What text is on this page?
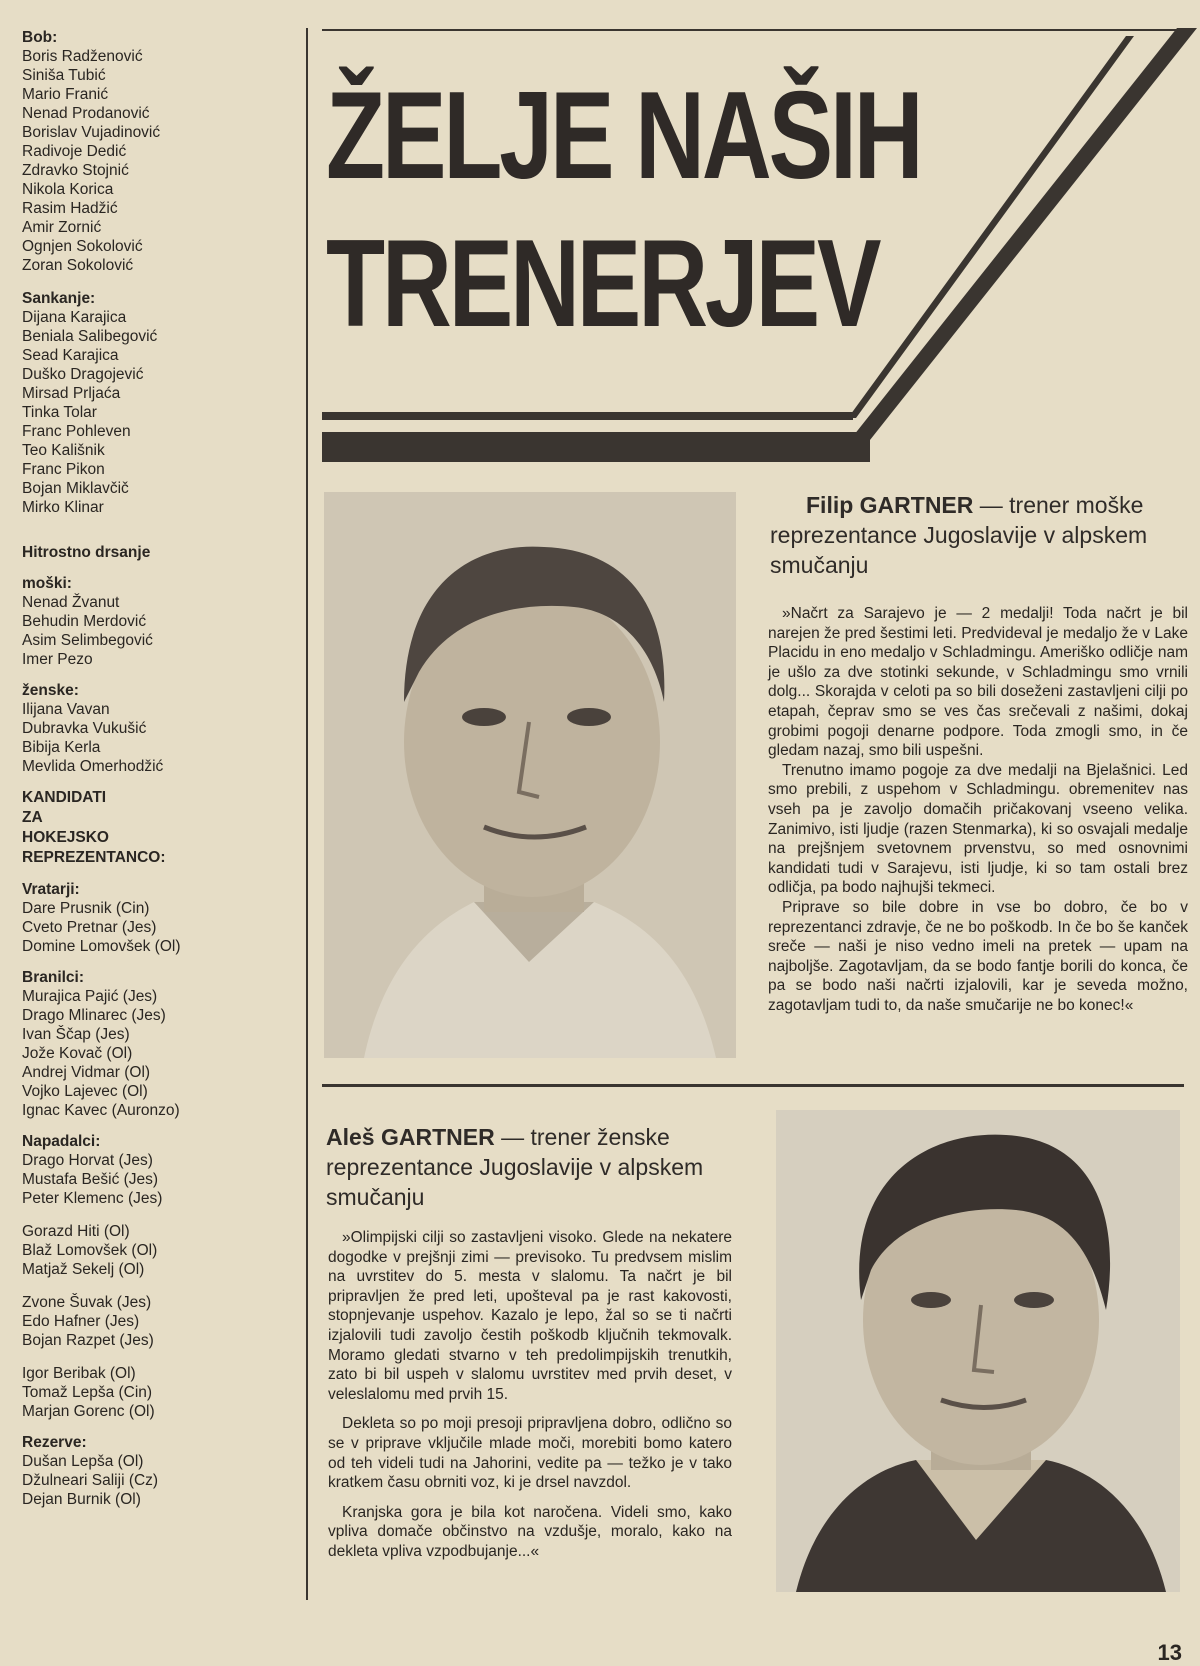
Bob:
Boris Radženović
Siniša Tubić
Mario Franić
Nenad Prodanović
Borislav Vujadinović
Radivoje Dedić
Zdravko Stojnić
Nikola Korica
Rasim Hadžić
Amir Zornić
Ognjen Sokolović
Zoran Sokolović
Sankanje:
Dijana Karajica
Beniala Salibegović
Sead Karajica
Duško Dragojević
Mirsad Prljaća
Tinka Tolar
Franc Pohleven
Teo Kališnik
Franc Pikon
Bojan Miklavčič
Mirko Klinar
Hitrostno drsanje
moški:
Nenad Žvanut
Behudin Merdović
Asim Selimbegović
Imer Pezo
ženske:
Ilijana Vavan
Dubravka Vukušić
Bibija Kerla
Mevlida Omerhodžić
KANDIDATI
ZA
HOKEJSKO
REPREZENTANCO:
Vratarji:
Dare Prusnik (Cin)
Cveto Pretnar (Jes)
Domine Lomovšek (Ol)
Branilci:
Murajica Pajić (Jes)
Drago Mlinarec (Jes)
Ivan Ščap (Jes)
Jože Kovač (Ol)
Andrej Vidmar (Ol)
Vojko Lajevec (Ol)
Ignac Kavec (Auronzo)
Napadalci:
Drago Horvat (Jes)
Mustafa Bešić (Jes)
Peter Klemenc (Jes)
Gorazd Hiti (Ol)
Blaž Lomovšek (Ol)
Matjaž Sekelj (Ol)
Zvone Šuvak (Jes)
Edo Hafner (Jes)
Bojan Razpet (Jes)
Igor Beribak (Ol)
Tomaž Lepša (Cin)
Marjan Gorenc (Ol)
Rezerve:
Dušan Lepša (Ol)
Džulneari Saliji (Cz)
Dejan Burnik (Ol)
ŽELJE NAŠIH
TRENERJEV
Filip GARTNER — trener moške reprezentance Jugoslavije v alpskem smučanju

»Načrt za Sarajevo je — 2 medalji! Toda načrt je bil narejen že pred šestimi leti. Predvideval je medaljo že v Lake Placidu in eno medaljo v Schladmingu. Ameriško odličje nam je ušlo za dve stotinki sekunde, v Schladmingu smo vrnili dolg... Skorajda v celoti pa so bili doseženi zastavljeni cilji po etapah, čeprav smo se ves čas srečevali z našimi, dokaj grobimi pogoji denarne podpore. Toda zmogli smo, in če gledam nazaj, smo bili uspešni.

Trenutno imamo pogoje za dve medalji na Bjelašnici. Led smo prebili, z uspehom v Schladmingu. obremenitev nas vseh pa je zavoljo domačih pričakovanj vseeno velika. Zanimivo, isti ljudje (razen Stenmarka), ki so osvajali medalje na prejšnjem svetovnem prvenstvu, so med osnovnimi kandidati tudi v Sarajevu, isti ljudje, ki so tam ostali brez odličja, pa bodo najhujši tekmeci.

Priprave so bile dobre in vse bo dobro, če bo v reprezentanci zdravje, če ne bo poškodb. In če bo še kanček sreče — naši je niso vedno imeli na pretek — upam na najboljše. Zagotavljam, da se bodo fantje borili do konca, če pa se bodo naši načrti izjalovili, kar je seveda možno, zagotavljam tudi to, da naše smučarije ne bo konec!«

Aleš GARTNER — trener ženske reprezentance Jugoslavije v alpskem smučanju

»Olimpijski cilji so zastavljeni visoko. Glede na nekatere dogodke v prejšnji zimi — previsoko. Tu predvsem mislim na uvrstitev do 5. mesta v slalomu. Ta načrt je bil pripravljen že pred leti, upošteval pa je rast kakovosti, stopnjevanje uspehov. Kazalo je lepo, žal so se ti načrti izjalovili tudi zavoljo čestih poškodb ključnih tekmovalk. Moramo gledati stvarno v teh predolimpijskih trenutkih, zato bi bil uspeh v slalomu uvrstitev med prvih deset, v veleslalomu med prvih 15.

Dekleta so po moji presoji pripravljena dobro, odlično so se v priprave vključile mlade moči, morebiti bomo katero od teh videli tudi na Jahorini, vedite pa — težko je v tako kratkem času obrniti voz, ki je drsel navzdol.

Kranjska gora je bila kot naročena. Videli smo, kako vpliva domače občinstvo na vzdušje, moralo, kako na dekleta vpliva vzpodbujanje...«

13
